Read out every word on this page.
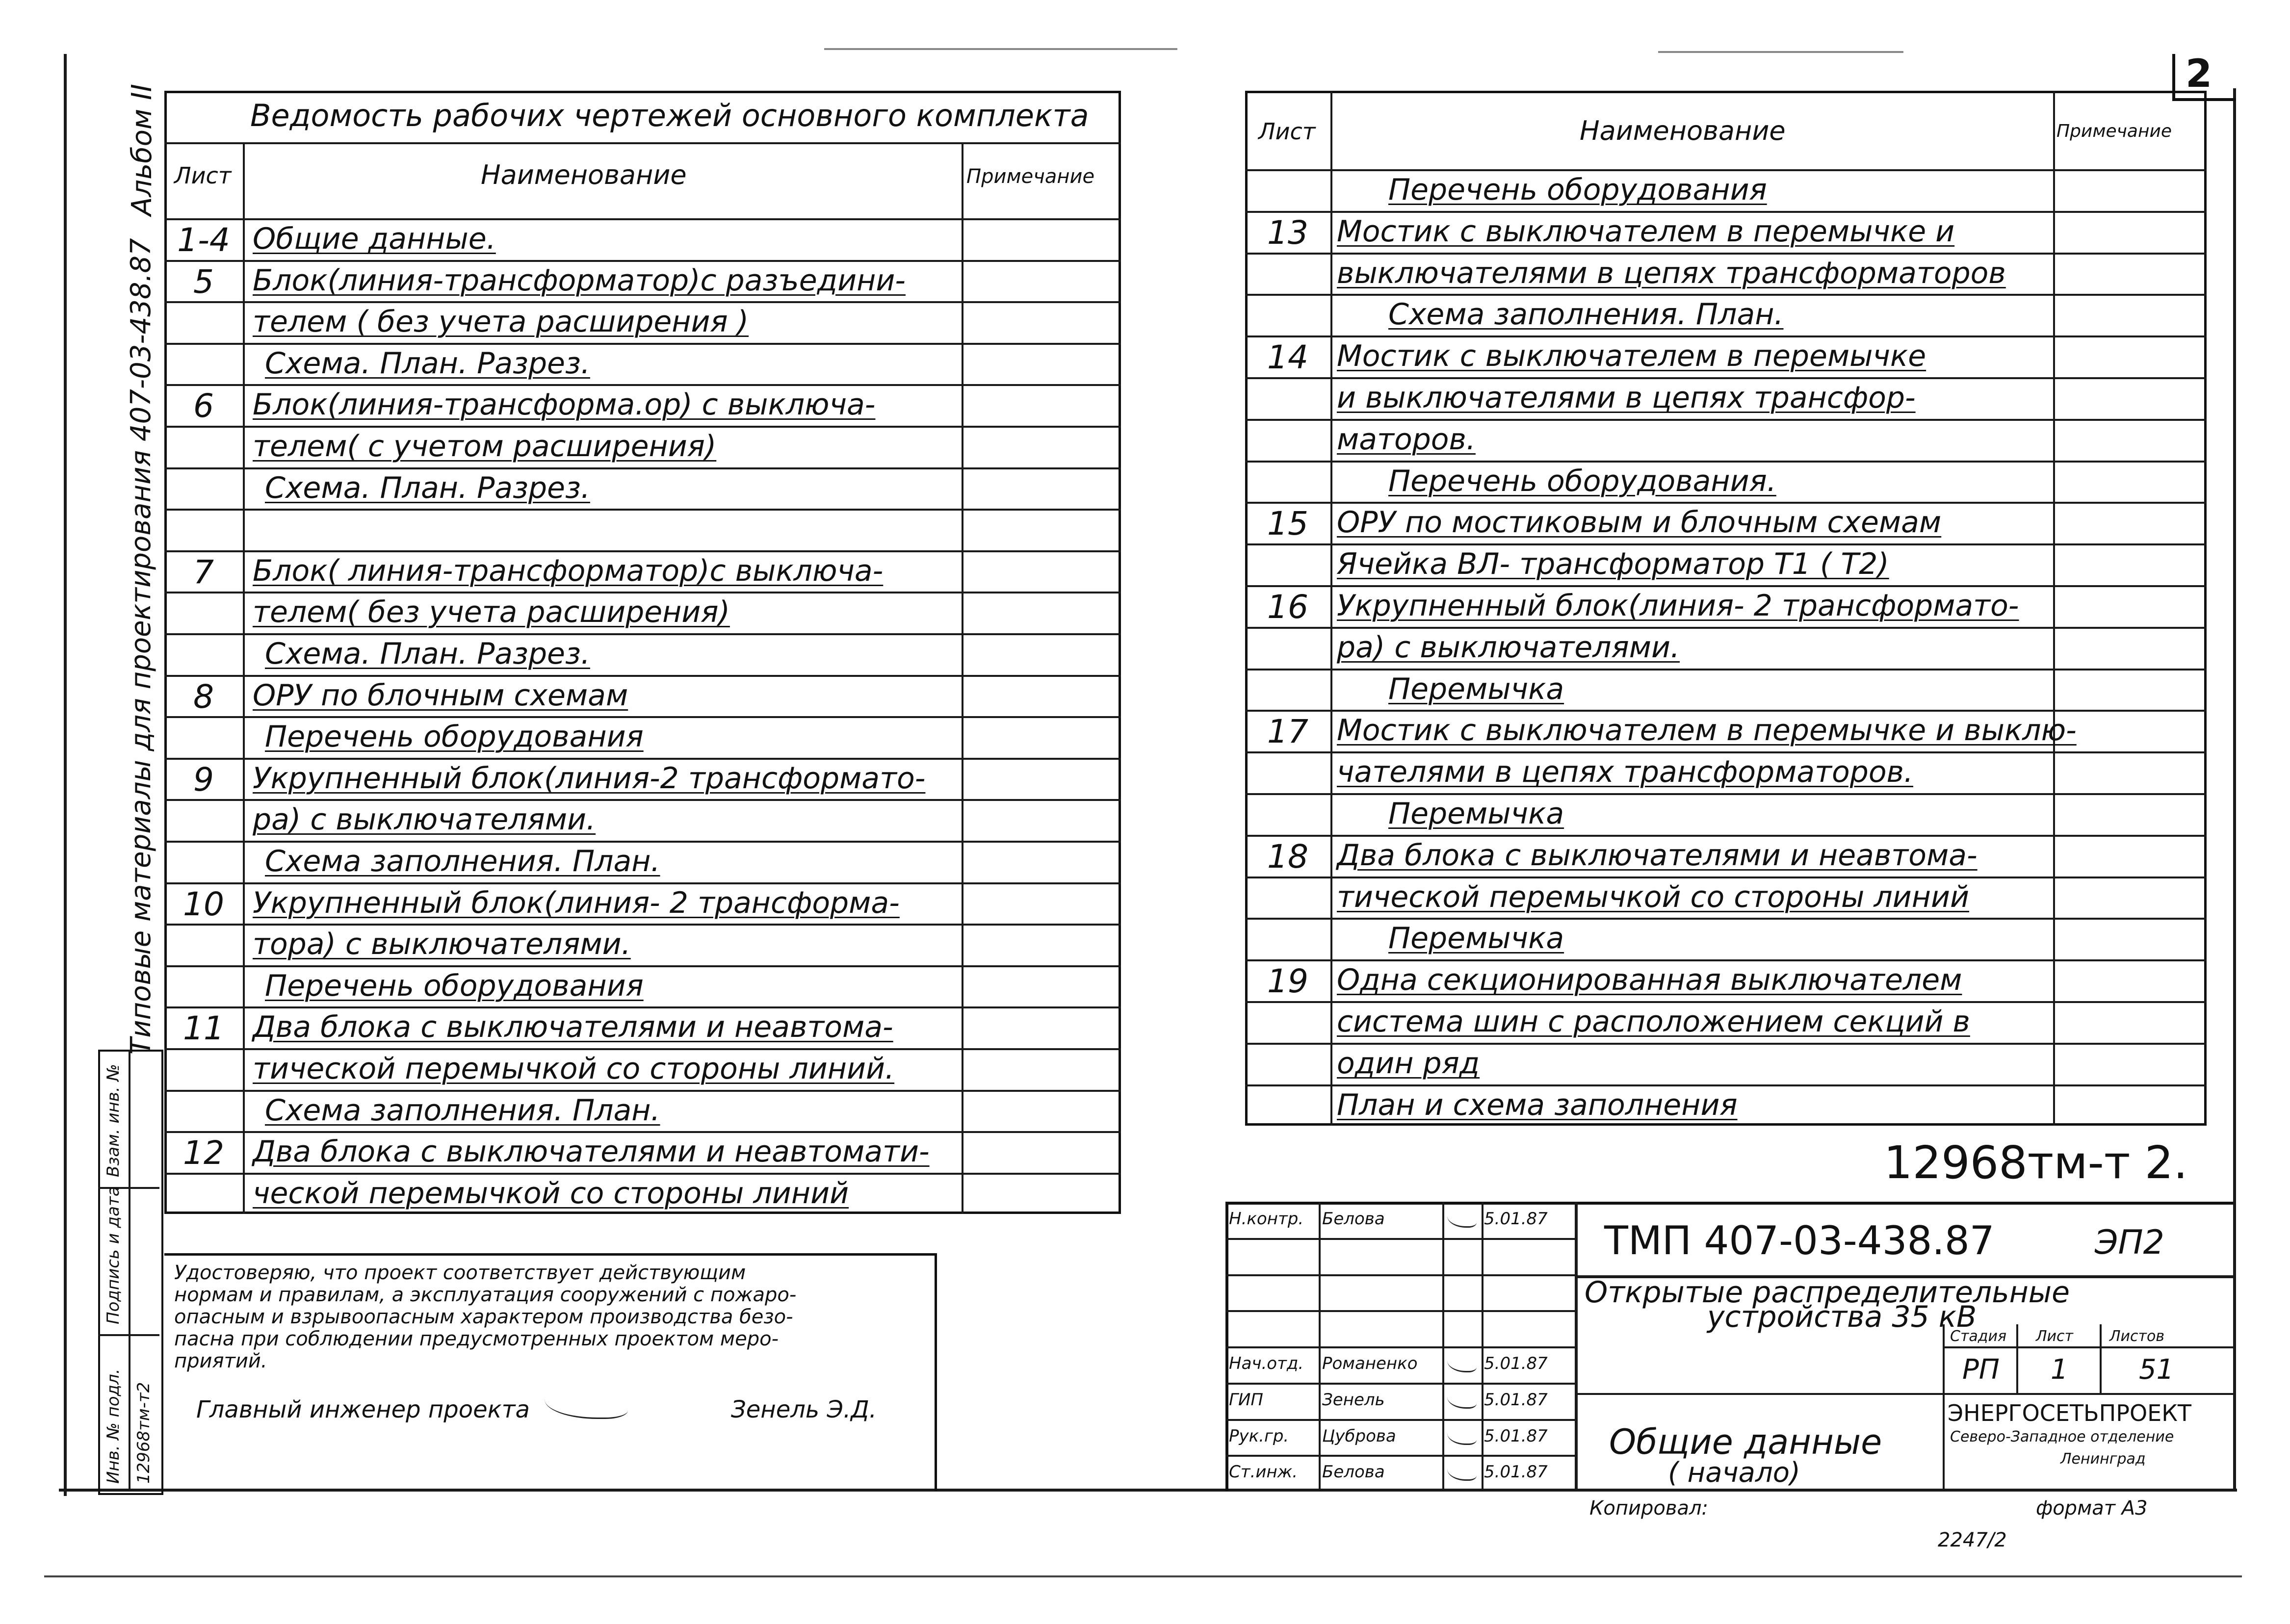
2
Альбом II
Типовые материалы для проектирования 407-03-438.87
Взам. инв. №
Подпись и дата
Инв. № подл. 12968тм-т2
Ведомость рабочих чертежей основного комплекта
Лист	Наименование	Примечание
1-4 Общие данные.
5	Блок(линия-трансформатор)с разъедини-
телем ( без учета расширения )
Схема. План. Разрез.
6	Блок(линия-трансформа.ор) с выключа-
телем( с учетом расширения)
Схема. План. Разрез.
7	Блок( линия-трансформатор)с выключа-
телем( без учета расширения)
Схема. План. Разрез.
8	ОРУ по блочным схемам
Перечень оборудования
9	Укрупненный блок(линия-2 трансформато-
ра) с выключателями.
Схема заполнения. План.
10 Укрупненный блок(линия- 2 трансформа-
тора) с выключателями.
Перечень оборудования
11 Два блока с выключателями и неавтома-
тической перемычкой со стороны линий.
Схема заполнения. План.
12 Два блока с выключателями и неавтомати-
ческой перемычкой со стороны линий
Лист	Наименование	Примечание
Перечень оборудования
13 Мостик с выключателем в перемычке и
выключателями в цепях трансформаторов
Схема заполнения. План.
14 Мостик с выключателем в перемычке
и выключателями в цепях трансфор-
маторов.
Перечень оборудования.
15 ОРУ по мостиковым и блочным схемам
Ячейка ВЛ- трансформатор Т1 ( Т2)
16 Укрупненный блок(линия- 2 трансформато-
ра) с выключателями.
Перемычка
17 Мостик с выключателем в перемычке и выклю-
чателями в цепях трансформаторов.
Перемычка
18 Два блока с выключателями и неавтома-
тической перемычкой со стороны линий
Перемычка
19 Одна секционированная выключателем
система шин с расположением секций в
один ряд
План и схема заполнения
12968тм-т 2.
Удостоверяю, что проект соответствует действующим
нормам и правилам, а эксплуатация сооружений с пожаро-
опасным и взрывоопасным характером производства безо-
пасна при соблюдении предусмотренных проектом меро-
приятий.
Главный инженер проекта	Зенель Э.Д.
Н.контр. Белова	5.01.87
Нач.отд. Романенко	5.01.87
ГИП	Зенель	5.01.87
Рук.гр. Цуброва	5.01.87
Ст.инж. Белова	5.01.87
ТМП 407-03-438.87	ЭП2
Открытые распределительные
устройства 35 кВ
Общие данные
( начало)
Стадия Лист Листов
РП 1	51
ЭНЕРГОСЕТЬПРОЕКТ
Северо-Западное отделение
Ленинград
Копировал:	формат А3
2247/2
